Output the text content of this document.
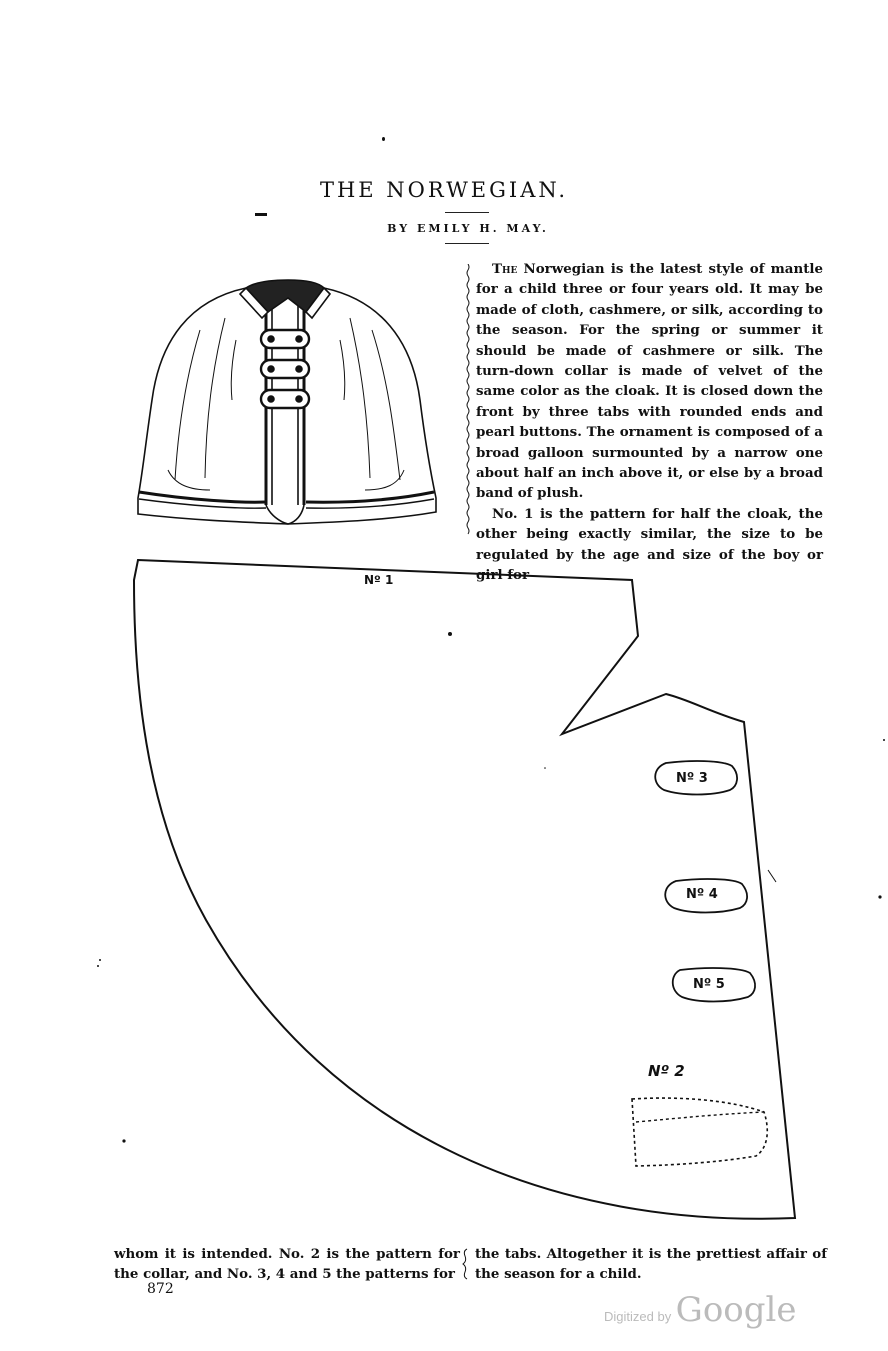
THE NORWEGIAN.
BY EMILY H. MAY.

The Norwegian is the latest style of mantle for a child three or four years old. It may be made of cloth, cashmere, or silk, according to the season. For the spring or summer it should be made of cashmere or silk. The turn-down collar is made of velvet of the same color as the cloak. It is closed down the front by three tabs with rounded ends and pearl buttons. The ornament is composed of a broad galloon surmounted by a narrow one about half an inch above it, or else by a broad band of plush.

No. 1 is the pattern for half the cloak, the other being exactly similar, the size to be regulated by the age and size of the boy or girl for

Nº 1
Nº 3
Nº 4
Nº 5
Nº 2

whom it is intended. No. 2 is the pattern for the collar, and No. 3, 4 and 5 the patterns for

the tabs. Altogether it is the prettiest affair of the season for a child.

872
Digitized by Google
